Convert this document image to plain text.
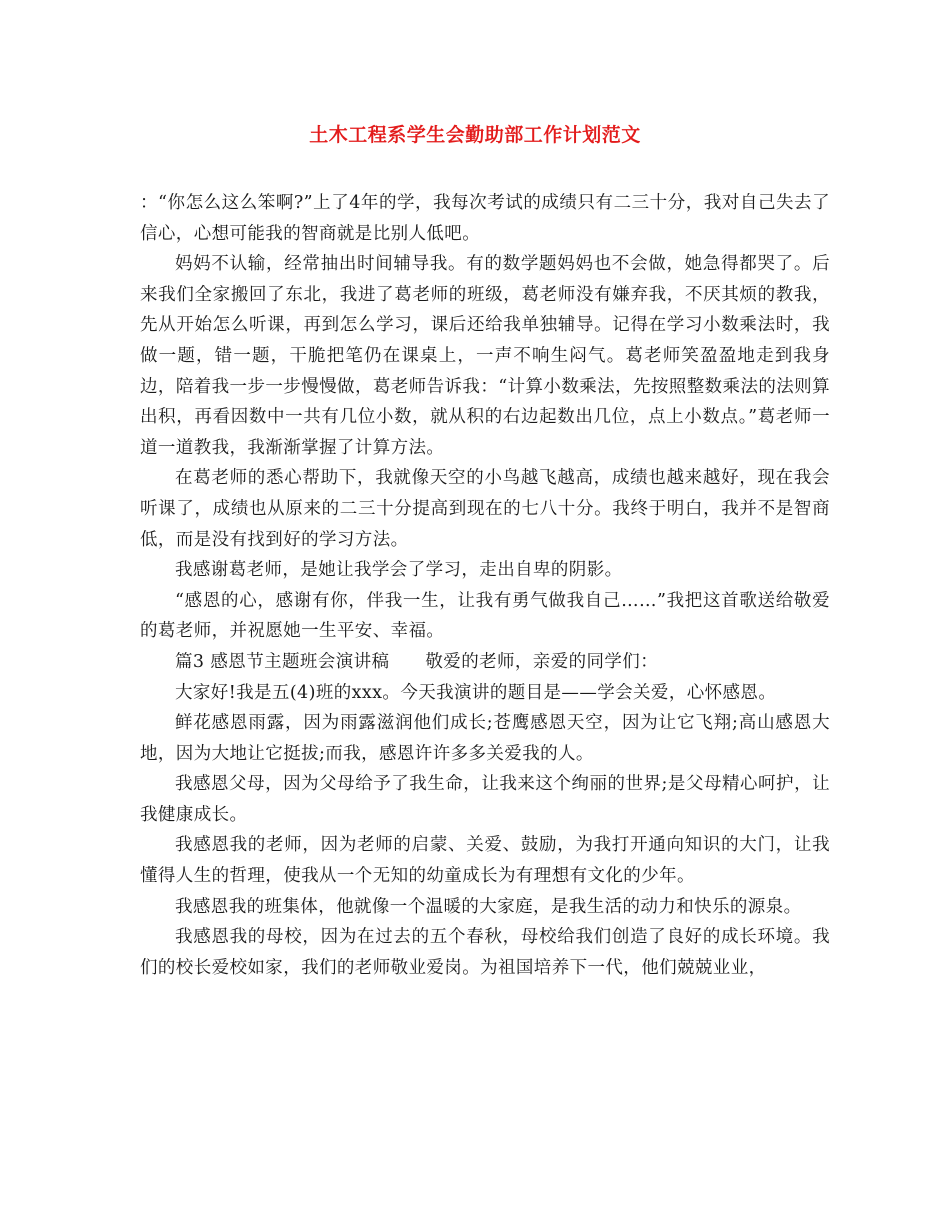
土木工程系学生会勤助部工作计划范文

：“你怎么这么笨啊?”上了4年的学，我每次考试的成绩只有二三十分，我对自己失去了信心，心想可能我的智商就是比别人低吧。

妈妈不认输，经常抽出时间辅导我。有的数学题妈妈也不会做，她急得都哭了。后来我们全家搬回了东北，我进了葛老师的班级，葛老师没有嫌弃我，不厌其烦的教我，先从开始怎么听课，再到怎么学习，课后还给我单独辅导。记得在学习小数乘法时，我做一题，错一题，干脆把笔仍在课桌上，一声不响生闷气。葛老师笑盈盈地走到我身边，陪着我一步一步慢慢做，葛老师告诉我：“计算小数乘法，先按照整数乘法的法则算出积，再看因数中一共有几位小数，就从积的右边起数出几位，点上小数点。”葛老师一道一道教我，我渐渐掌握了计算方法。

在葛老师的悉心帮助下，我就像天空的小鸟越飞越高，成绩也越来越好，现在我会听课了，成绩也从原来的二三十分提高到现在的七八十分。我终于明白，我并不是智商低，而是没有找到好的学习方法。

我感谢葛老师，是她让我学会了学习，走出自卑的阴影。

“感恩的心，感谢有你，伴我一生，让我有勇气做我自己……”我把这首歌送给敬爱的葛老师，并祝愿她一生平安、幸福。

篇3 感恩节主题班会演讲稿 敬爱的老师，亲爱的同学们：

大家好!我是五(4)班的xxx。今天我演讲的题目是——学会关爱，心怀感恩。

鲜花感恩雨露，因为雨露滋润他们成长;苍鹰感恩天空，因为让它飞翔;高山感恩大地，因为大地让它挺拔;而我，感恩许许多多关爱我的人。

我感恩父母，因为父母给予了我生命，让我来这个绚丽的世界;是父母精心呵护，让我健康成长。

我感恩我的老师，因为老师的启蒙、关爱、鼓励，为我打开通向知识的大门，让我懂得人生的哲理，使我从一个无知的幼童成长为有理想有文化的少年。

我感恩我的班集体，他就像一个温暖的大家庭，是我生活的动力和快乐的源泉。

我感恩我的母校，因为在过去的五个春秋，母校给我们创造了良好的成长环境。我们的校长爱校如家，我们的老师敬业爱岗。为祖国培养下一代，他们兢兢业业，
